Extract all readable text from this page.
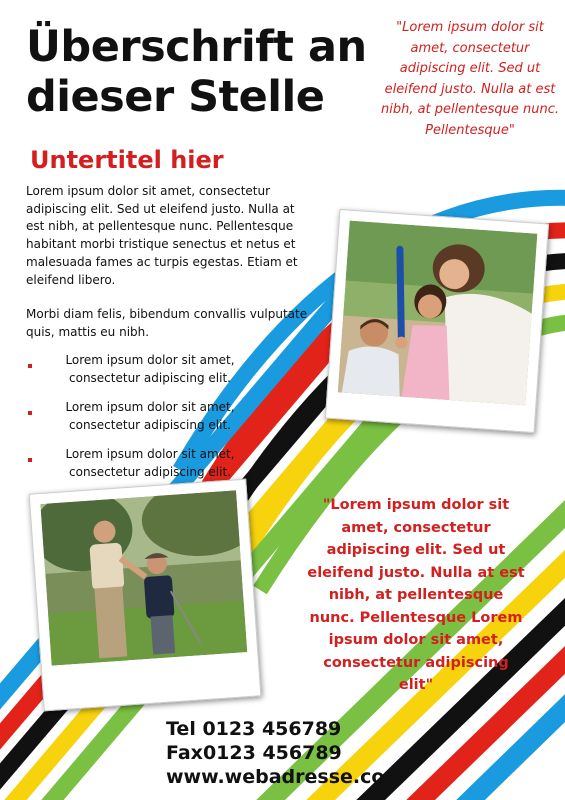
Überschrift an dieser Stelle
Untertitel hier
"Lorem ipsum dolor sit amet, consectetur adipiscing elit. Sed ut eleifend justo. Nulla at est nibh, at pellentesque nunc. Pellentesque"

Lorem ipsum dolor sit amet, consectetur adipiscing elit. Sed ut eleifend justo. Nulla at est nibh, at pellentesque nunc. Pellentesque habitant morbi tristique senectus et netus et malesuada fames ac turpis egestas. Etiam et eleifend libero.

Morbi diam felis, bibendum convallis vulputate quis, mattis eu nibh.

Lorem ipsum dolor sit amet, consectetur adipiscing elit.
Lorem ipsum dolor sit amet, consectetur adipiscing elit.
Lorem ipsum dolor sit amet, consectetur adipiscing elit.
"Lorem ipsum dolor sit amet, consectetur adipiscing elit. Sed ut eleifend justo. Nulla at est nibh, at pellentesque nunc. Pellentesque Lorem ipsum dolor sit amet, consectetur adipiscing elit"
Tel 0123 456789
Fax0123 456789
www.webadresse.com
